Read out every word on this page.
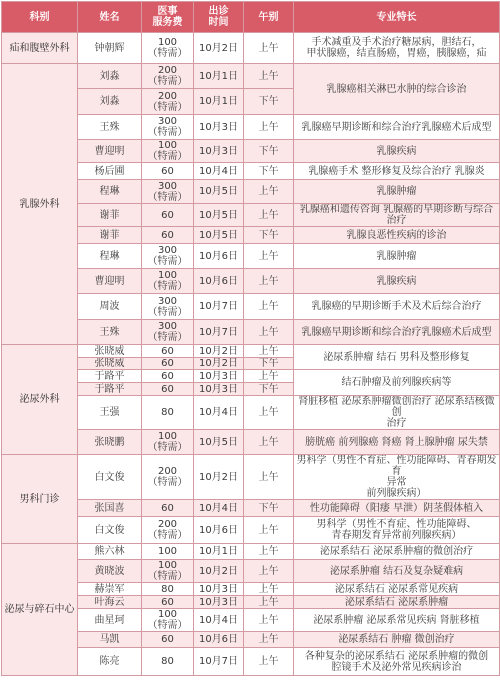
科别	姓名	医事
服务费	出诊
时间	午别	专业特长
疝和腹壁外科	钟朝辉	100
（特需）	10月2日	上午	手术减重及手术治疗糖尿病，胆结石，
甲状腺癌，结直肠癌，胃癌，胰腺癌，疝
乳腺外科	刘淼	200
（特需）	10月1日	上午	乳腺癌相关淋巴水肿的综合诊治
	刘淼	200
（特需）	10月1日	下午	
	王殊	300
（特需）	10月3日	上午	乳腺癌早期诊断和综合治疗乳腺癌术后成型
	曹迎明	100
（特需）	10月3日	下午	乳腺疾病
	杨后圃	60	10月4日	下午	乳腺癌手术 整形修复及综合治疗 乳腺炎
	程琳	300
（特需）	10月5日	上午	乳腺肿瘤
	谢菲	60	10月5日	上午	乳腺癌和遗传咨询 乳腺癌的早期诊断与综合治疗
	谢菲	60	10月5日	下午	乳腺良恶性疾病的诊治
	程琳	300
（特需）	10月6日	上午	乳腺肿瘤
	曹迎明	100
（特需）	10月6日	上午	乳腺疾病
	周波	300
（特需）	10月7日	上午	乳腺癌的早期诊断手术及术后综合治疗
	王殊	300
（特需）	10月7日	上午	乳腺癌早期诊断和综合治疗乳腺癌术后成型
泌尿外科	张晓威	60	10月2日	上午	泌尿系肿瘤 结石 男科及整形修复
	张晓威	60	10月2日	下午	
	于路平	60	10月3日	上午	结石肿瘤及前列腺疾病等
	于路平	60	10月3日	下午	
	王强	80	10月4日	上午	肾脏移植 泌尿系肿瘤微创治疗 泌尿系结核微创
治疗
	张晓鹏	100
（特需）	10月5日	上午	膀胱癌 前列腺癌 肾癌 肾上腺肿瘤 尿失禁
男科门诊	白文俊	200
（特需）	10月2日	上午	男科学（男性不育症、性功能障碍、青春期发育
异常
前列腺疾病）
	张国喜	60	10月4日	下午	性功能障碍（阳痿 早泄）阴茎假体植入
	白文俊	200
（特需）	10月6日	上午	男科学（男性不育症、性功能障碍、
青春期发育异常前列腺疾病）
泌尿与碎石中心	熊六林	100	10月1日	上午	泌尿系结石 泌尿系肿瘤的微创治疗
	黄晓波	100
（特需）	10月2日	上午	泌尿系肿瘤 结石及复杂疑难病
	赫崇军	80	10月3日	上午	泌尿系结石 泌尿系常见疾病
	叶海云	60	10月3日	上午	泌尿系结石 泌尿系肿瘤
	曲星珂	100
（特需）	10月4日	上午	泌尿系肿瘤 泌尿系常见疾病 肾脏移植
	马凯	60	10月6日	上午	泌尿系结石 肿瘤 微创治疗
	陈亮	80	10月7日	上午	各种复杂的泌尿系结石 泌尿系肿瘤的微创
腔镜手术及泌外常见疾病诊治
